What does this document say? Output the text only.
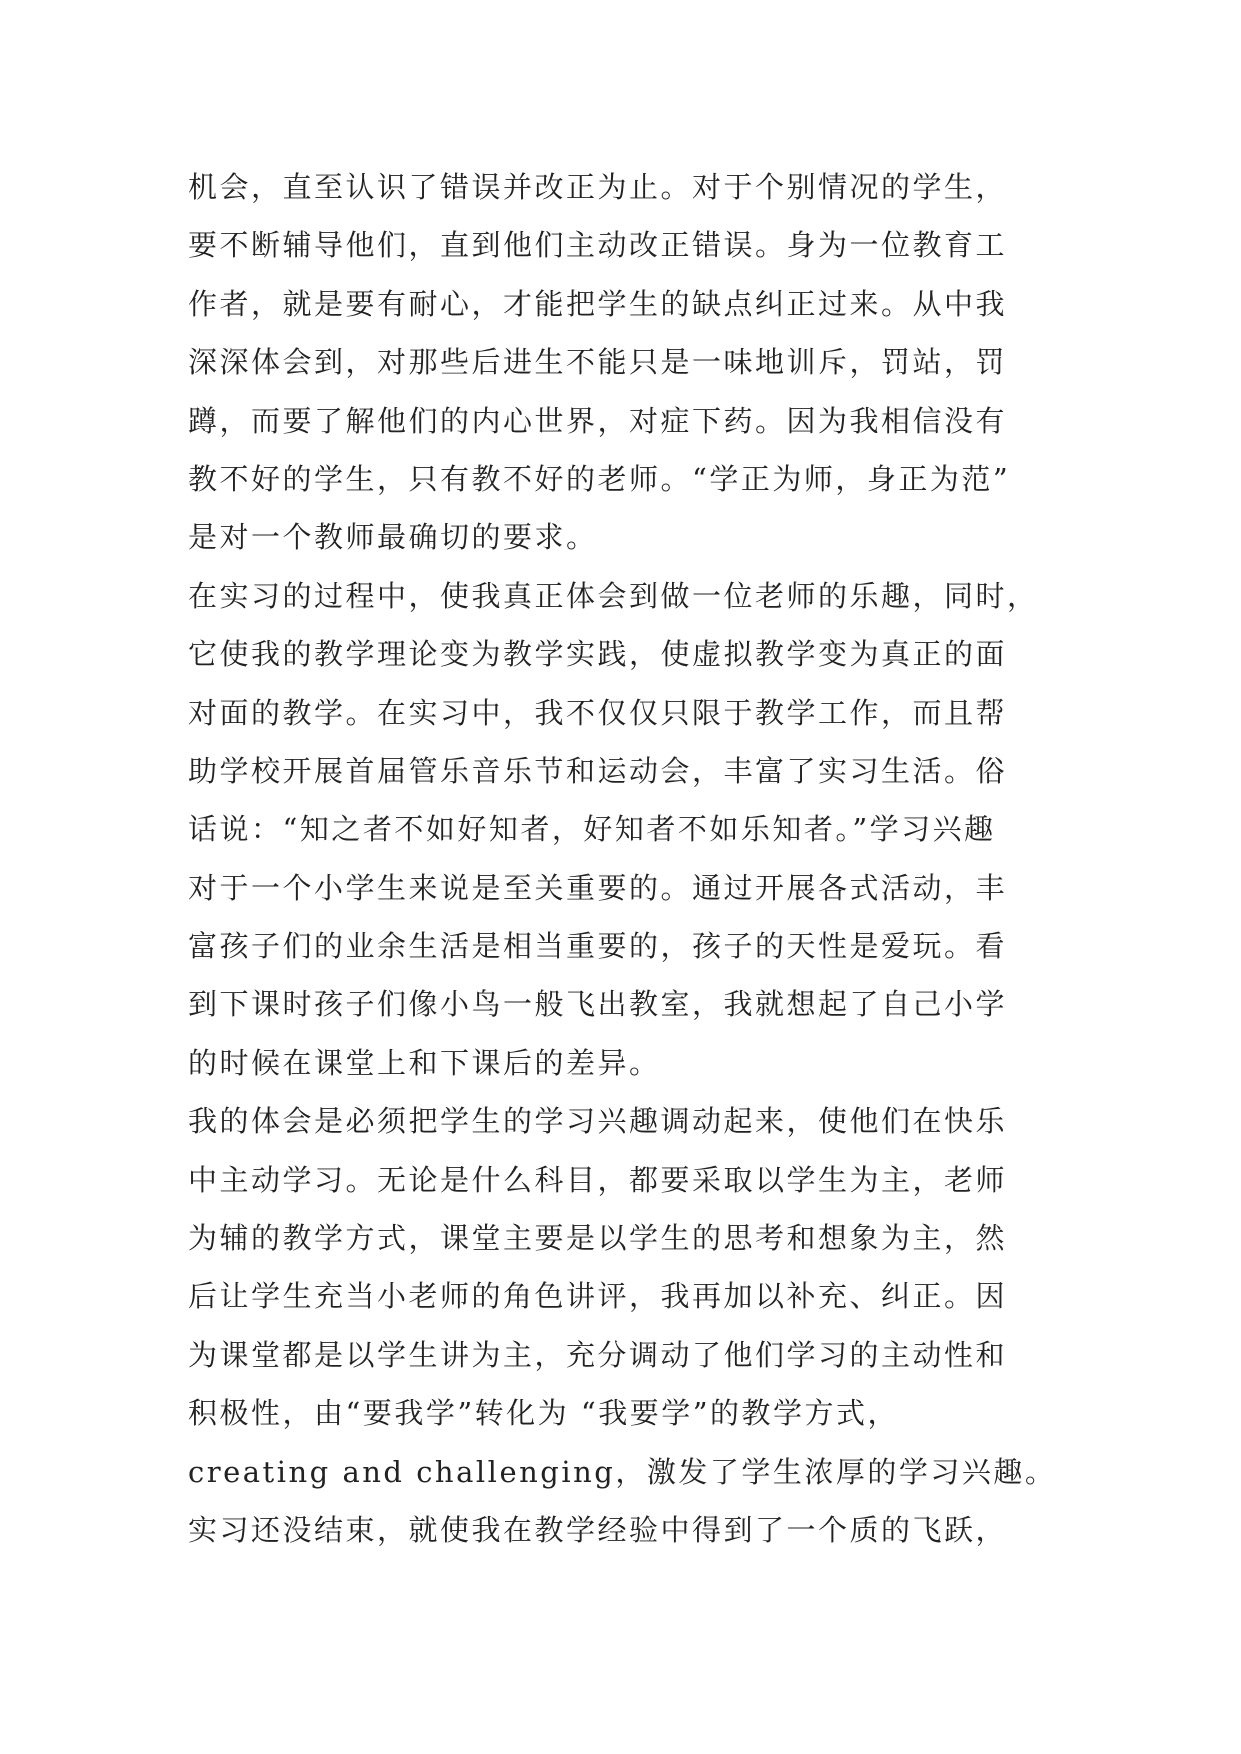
机会，直至认识了错误并改正为止。对于个别情况的学生，
要不断辅导他们，直到他们主动改正错误。身为一位教育工
作者，就是要有耐心，才能把学生的缺点纠正过来。从中我
深深体会到，对那些后进生不能只是一味地训斥，罚站，罚
蹲，而要了解他们的内心世界，对症下药。因为我相信没有
教不好的学生，只有教不好的老师。“学正为师，身正为范”
是对一个教师最确切的要求。
在实习的过程中，使我真正体会到做一位老师的乐趣，同时，
它使我的教学理论变为教学实践，使虚拟教学变为真正的面
对面的教学。在实习中，我不仅仅只限于教学工作，而且帮
助学校开展首届管乐音乐节和运动会，丰富了实习生活。俗
话说：“知之者不如好知者，好知者不如乐知者。”学习兴趣
对于一个小学生来说是至关重要的。通过开展各式活动，丰
富孩子们的业余生活是相当重要的，孩子的天性是爱玩。看
到下课时孩子们像小鸟一般飞出教室，我就想起了自己小学
的时候在课堂上和下课后的差异。
我的体会是必须把学生的学习兴趣调动起来，使他们在快乐
中主动学习。无论是什么科目，都要采取以学生为主，老师
为辅的教学方式，课堂主要是以学生的思考和想象为主，然
后让学生充当小老师的角色讲评，我再加以补充、纠正。因
为课堂都是以学生讲为主，充分调动了他们学习的主动性和
积极性，由“要我学”转化为 “我要学”的教学方式，
creating and challenging，激发了学生浓厚的学习兴趣。
实习还没结束，就使我在教学经验中得到了一个质的飞跃，
